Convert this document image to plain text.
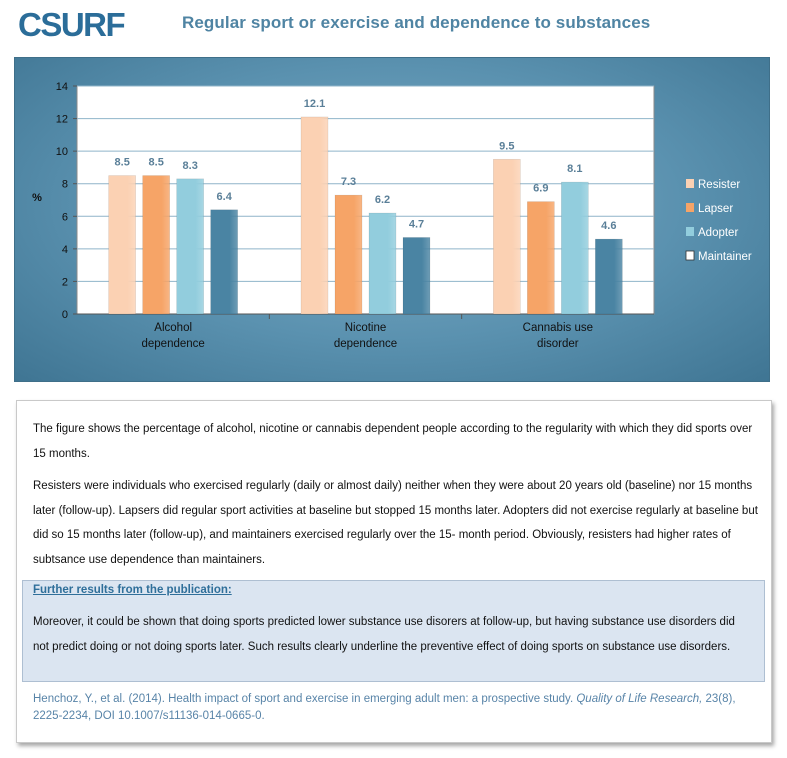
CSURF	Regular sport or exercise and dependence to substances
0
2
4
6
8
10
12
14
%
8.5 8.5 8.3
6.4
Alcohol
dependence
12.1
7.3
6.2
4.7
Nicotine
dependence
9.5
6.9
8.1
4.6
Cannabis use
disorder
Resister
Lapser
Adopter
Maintainer
The figure shows the percentage of alcohol, nicotine or cannabis dependent people according to the regularity with which they did sports over 15 months.
Resisters were individuals who exercised regularly (daily or almost daily) neither when they were about 20 years old (baseline) nor 15 months later (follow-up). Lapsers did regular sport activities at baseline but stopped 15 months later. Adopters did not exercise regularly at baseline but did so 15 months later (follow-up), and maintainers exercised regularly over the 15- month period. Obviously, resisters had higher rates of subtsance use dependence than maintainers.
Further results from the publication:
Moreover, it could be shown that doing sports predicted lower substance use disorers at follow-up, but having substance use disorders did not predict doing or not doing sports later. Such results clearly underline the preventive effect of doing sports on substance use disorders.
Henchoz, Y., et al. (2014). Health impact of sport and exercise in emerging adult men: a prospective study. Quality of Life Research, 23(8), 2225-2234, DOI 10.1007/s11136-014-0665-0.
